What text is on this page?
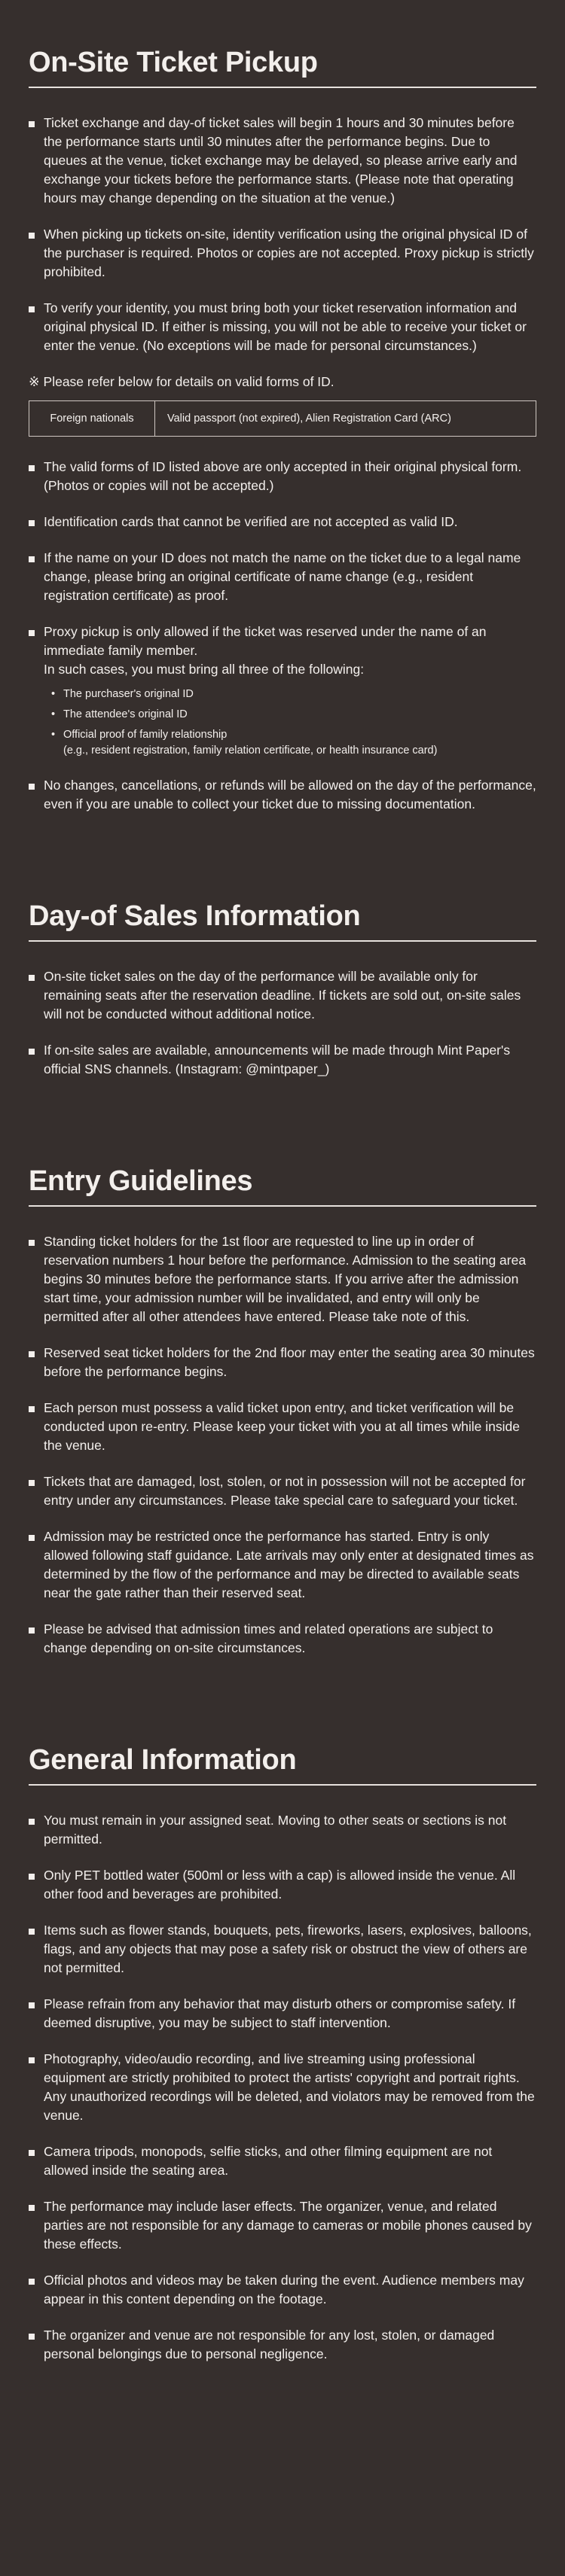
On-Site Ticket Pickup
Ticket exchange and day-of ticket sales will begin 1 hours and 30 minutes before the performance starts until 30 minutes after the performance begins. Due to queues at the venue, ticket exchange may be delayed, so please arrive early and exchange your tickets before the performance starts. (Please note that operating hours may change depending on the situation at the venue.)
When picking up tickets on-site, identity verification using the original physical ID of the purchaser is required. Photos or copies are not accepted. Proxy pickup is strictly prohibited.
To verify your identity, you must bring both your ticket reservation information and original physical ID. If either is missing, you will not be able to receive your ticket or enter the venue. (No exceptions will be made for personal circumstances.)

※ Please refer below for details on valid forms of ID.

Foreign nationals	Valid passport (not expired), Alien Registration Card (ARC)
The valid forms of ID listed above are only accepted in their original physical form. (Photos or copies will not be accepted.)
Identification cards that cannot be verified are not accepted as valid ID.
If the name on your ID does not match the name on the ticket due to a legal name change, please bring an original certificate of name change (e.g., resident registration certificate) as proof.
Proxy pickup is only allowed if the ticket was reserved under the name of an immediate family member.
In such cases, you must bring all three of the following:
• The purchaser's original ID
• The attendee's original ID
• Official proof of family relationship
(e.g., resident registration, family relation certificate, or health insurance card)
No changes, cancellations, or refunds will be allowed on the day of the performance, even if you are unable to collect your ticket due to missing documentation.
Day-of Sales Information
On-site ticket sales on the day of the performance will be available only for remaining seats after the reservation deadline. If tickets are sold out, on-site sales will not be conducted without additional notice.
If on-site sales are available, announcements will be made through Mint Paper's official SNS channels. (Instagram: @mintpaper_)
Entry Guidelines
Standing ticket holders for the 1st floor are requested to line up in order of reservation numbers 1 hour before the performance. Admission to the seating area begins 30 minutes before the performance starts. If you arrive after the admission start time, your admission number will be invalidated, and entry will only be permitted after all other attendees have entered. Please take note of this.
Reserved seat ticket holders for the 2nd floor may enter the seating area 30 minutes before the performance begins.
Each person must possess a valid ticket upon entry, and ticket verification will be conducted upon re-entry. Please keep your ticket with you at all times while inside the venue.
Tickets that are damaged, lost, stolen, or not in possession will not be accepted for entry under any circumstances. Please take special care to safeguard your ticket.
Admission may be restricted once the performance has started. Entry is only allowed following staff guidance. Late arrivals may only enter at designated times as determined by the flow of the performance and may be directed to available seats near the gate rather than their reserved seat.
Please be advised that admission times and related operations are subject to change depending on on-site circumstances.
General Information
You must remain in your assigned seat. Moving to other seats or sections is not permitted.
Only PET bottled water (500ml or less with a cap) is allowed inside the venue. All other food and beverages are prohibited.
Items such as flower stands, bouquets, pets, fireworks, lasers, explosives, balloons, flags, and any objects that may pose a safety risk or obstruct the view of others are not permitted.
Please refrain from any behavior that may disturb others or compromise safety. If deemed disruptive, you may be subject to staff intervention.
Photography, video/audio recording, and live streaming using professional equipment are strictly prohibited to protect the artists' copyright and portrait rights. Any unauthorized recordings will be deleted, and violators may be removed from the venue.
Camera tripods, monopods, selfie sticks, and other filming equipment are not allowed inside the seating area.
The performance may include laser effects. The organizer, venue, and related parties are not responsible for any damage to cameras or mobile phones caused by these effects.
Official photos and videos may be taken during the event. Audience members may appear in this content depending on the footage.
The organizer and venue are not responsible for any lost, stolen, or damaged personal belongings due to personal negligence.
